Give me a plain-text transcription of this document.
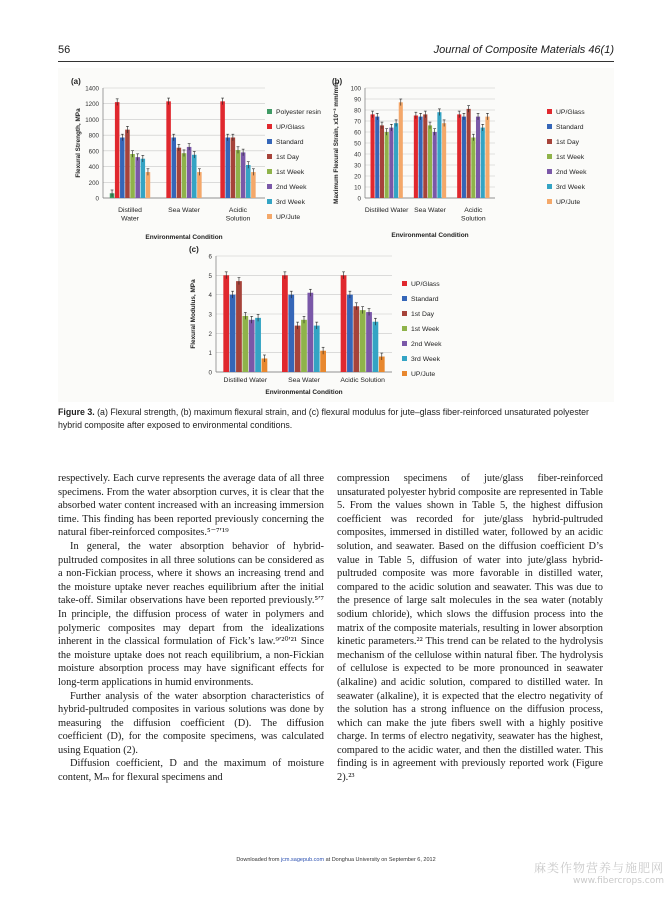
56	Journal of Composite Materials 46(1)
(a)
0
200
400
600
800
1000
1200
1400
Flexural Strength, MPa
Distilled
Water
Sea Water	Acidic
Solution
Environmental Condition
Polyester resin
UP/Glass
Standard
1st Day
1st Week
2nd Week
3rd Week
UP/Jute
(b)
0
10
20
30
40
50
60
70
80
90
100
Maximum Flexural Strain, x10⁻³ mm/mm
Distilled Water Sea Water	Acidic
Solution
Environmental Condition
UP/Glass
Standard
1st Day
1st Week
2nd Week
3rd Week
UP/Jute
(c)
0
1
2
3
4
5
6
Flexural Modulus, MPa
Distilled Water	Sea Water	Acidic Solution
Environmental Condition
UP/Glass
Standard
1st Day
1st Week
2nd Week
3rd Week
UP/Jute
Figure 3. (a) Flexural strength, (b) maximum flexural strain, and (c) flexural modulus for jute–glass fiber-reinforced unsaturated polyester hybrid composite after exposed to environmental conditions.

respectively. Each curve represents the average data of all three specimens. From the water absorption curves, it is clear that the absorbed water content increased with an increasing immersion time. This finding has been reported previously concerning the natural fiber-reinforced composites.⁵⁻⁷ʹ¹⁹

In general, the water absorption behavior of hybrid-pultruded composites in all three solutions can be considered as a non-Fickian process, where it shows an increasing trend and the moisture uptake never reaches equilibrium after the initial take-off. Similar observations have been reported previously.⁵ʹ⁷ In principle, the diffusion process of water in polymers and polymeric composites may depart from the idealizations inherent in the classical formulation of Fick’s law.⁹ʹ²⁰ʹ²¹ Since the moisture uptake does not reach equilibrium, a non-Fickian moisture absorption process may have significant effects for long-term applications in humid environments.

Further analysis of the water absorption characteristics of hybrid-pultruded composites in various solutions was done by measuring the diffusion coefficient (D). The diffusion coefficient (D), for the composite specimens, was calculated using Equation (2).

Diffusion coefficient, D and the maximum of moisture content, Mₘ for flexural specimens and

compression specimens of jute/glass fiber-reinforced unsaturated polyester hybrid composite are represented in Table 5. From the values shown in Table 5, the highest diffusion coefficient was recorded for jute/glass hybrid-pultruded composites, immersed in distilled water, followed by an acidic solution, and seawater. Based on the diffusion coefficient D’s value in Table 5, diffusion of water into jute/glass hybrid-pultruded composite was more favorable in distilled water, compared to the acidic solution and seawater. This was due to the presence of large salt molecules in the sea water (notably sodium chloride), which slows the diffusion process into the matrix of the composite materials, resulting in lower absorption kinetic parameters.²² This trend can be related to the hydrolysis mechanism of the cellulose within natural fiber. The hydrolysis of cellulose is expected to be more pronounced in seawater (alkaline) and acidic solution, compared to distilled water. In seawater (alkaline), it is expected that the electro negativity of the solution has a strong influence on the diffusion process, which can make the jute fibers swell with a highly positive charge. In terms of electro negativity, seawater has the highest, compared to the acidic water, and then the distilled water. This finding is in agreement with previously reported work (Figure 2).²³

Downloaded from jcm.sagepub.com at Donghua University on September 6, 2012
麻类作物营养与施肥网
www.fibercrops.com
